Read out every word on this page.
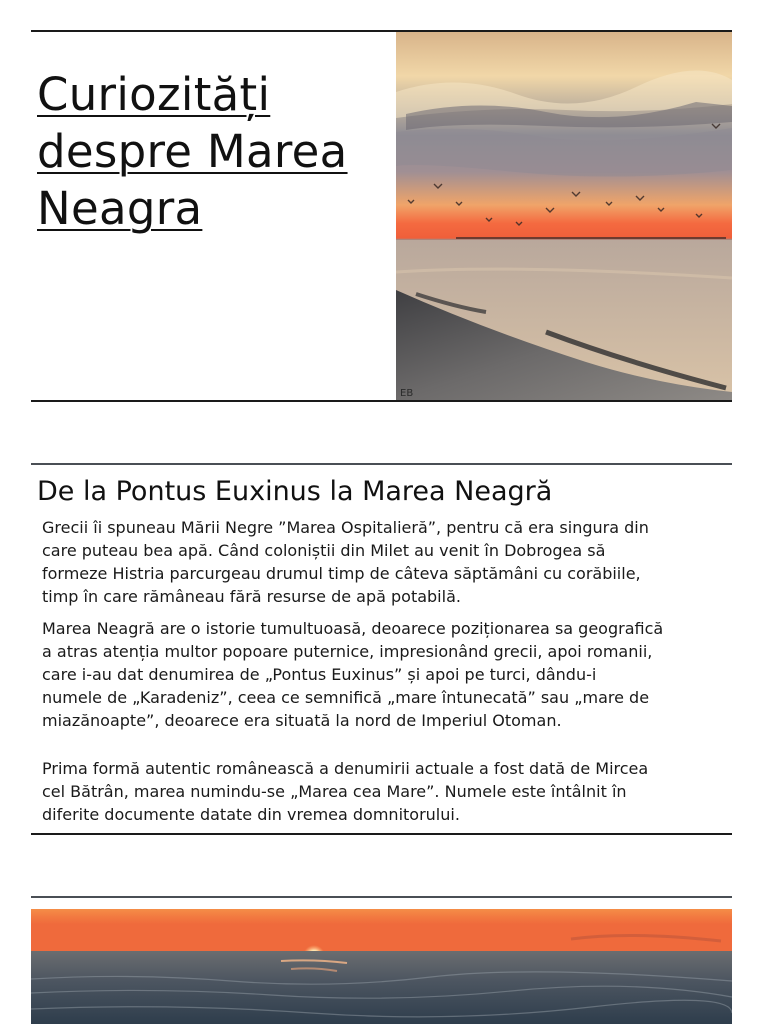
Curiozități
despre Marea
Neagra
EB
De la Pontus Euxinus la Marea Neagră

Grecii îi spuneau Mării Negre ”Marea Ospitalieră”, pentru că era singura din
care puteau bea apă. Când coloniștii din Milet au venit în Dobrogea să
formeze Histria parcurgeau drumul timp de câteva săptămâni cu corăbiile,
timp în care rămâneau fără resurse de apă potabilă.

Marea Neagră are o istorie tumultuoasă, deoarece poziționarea sa geografică
a atras atenția multor popoare puternice, impresionând grecii, apoi romanii,
care i-au dat denumirea de „Pontus Euxinus” și apoi pe turci, dându-i
numele de „Karadeniz”, ceea ce semnifică „mare întunecată” sau „mare de
miazănoapte”, deoarece era situată la nord de Imperiul Otoman.

Prima formă autentic românească a denumirii actuale a fost dată de Mircea
cel Bătrân, marea numindu-se „Marea cea Mare”. Numele este întâlnit în
diferite documente datate din vremea domnitorului.
